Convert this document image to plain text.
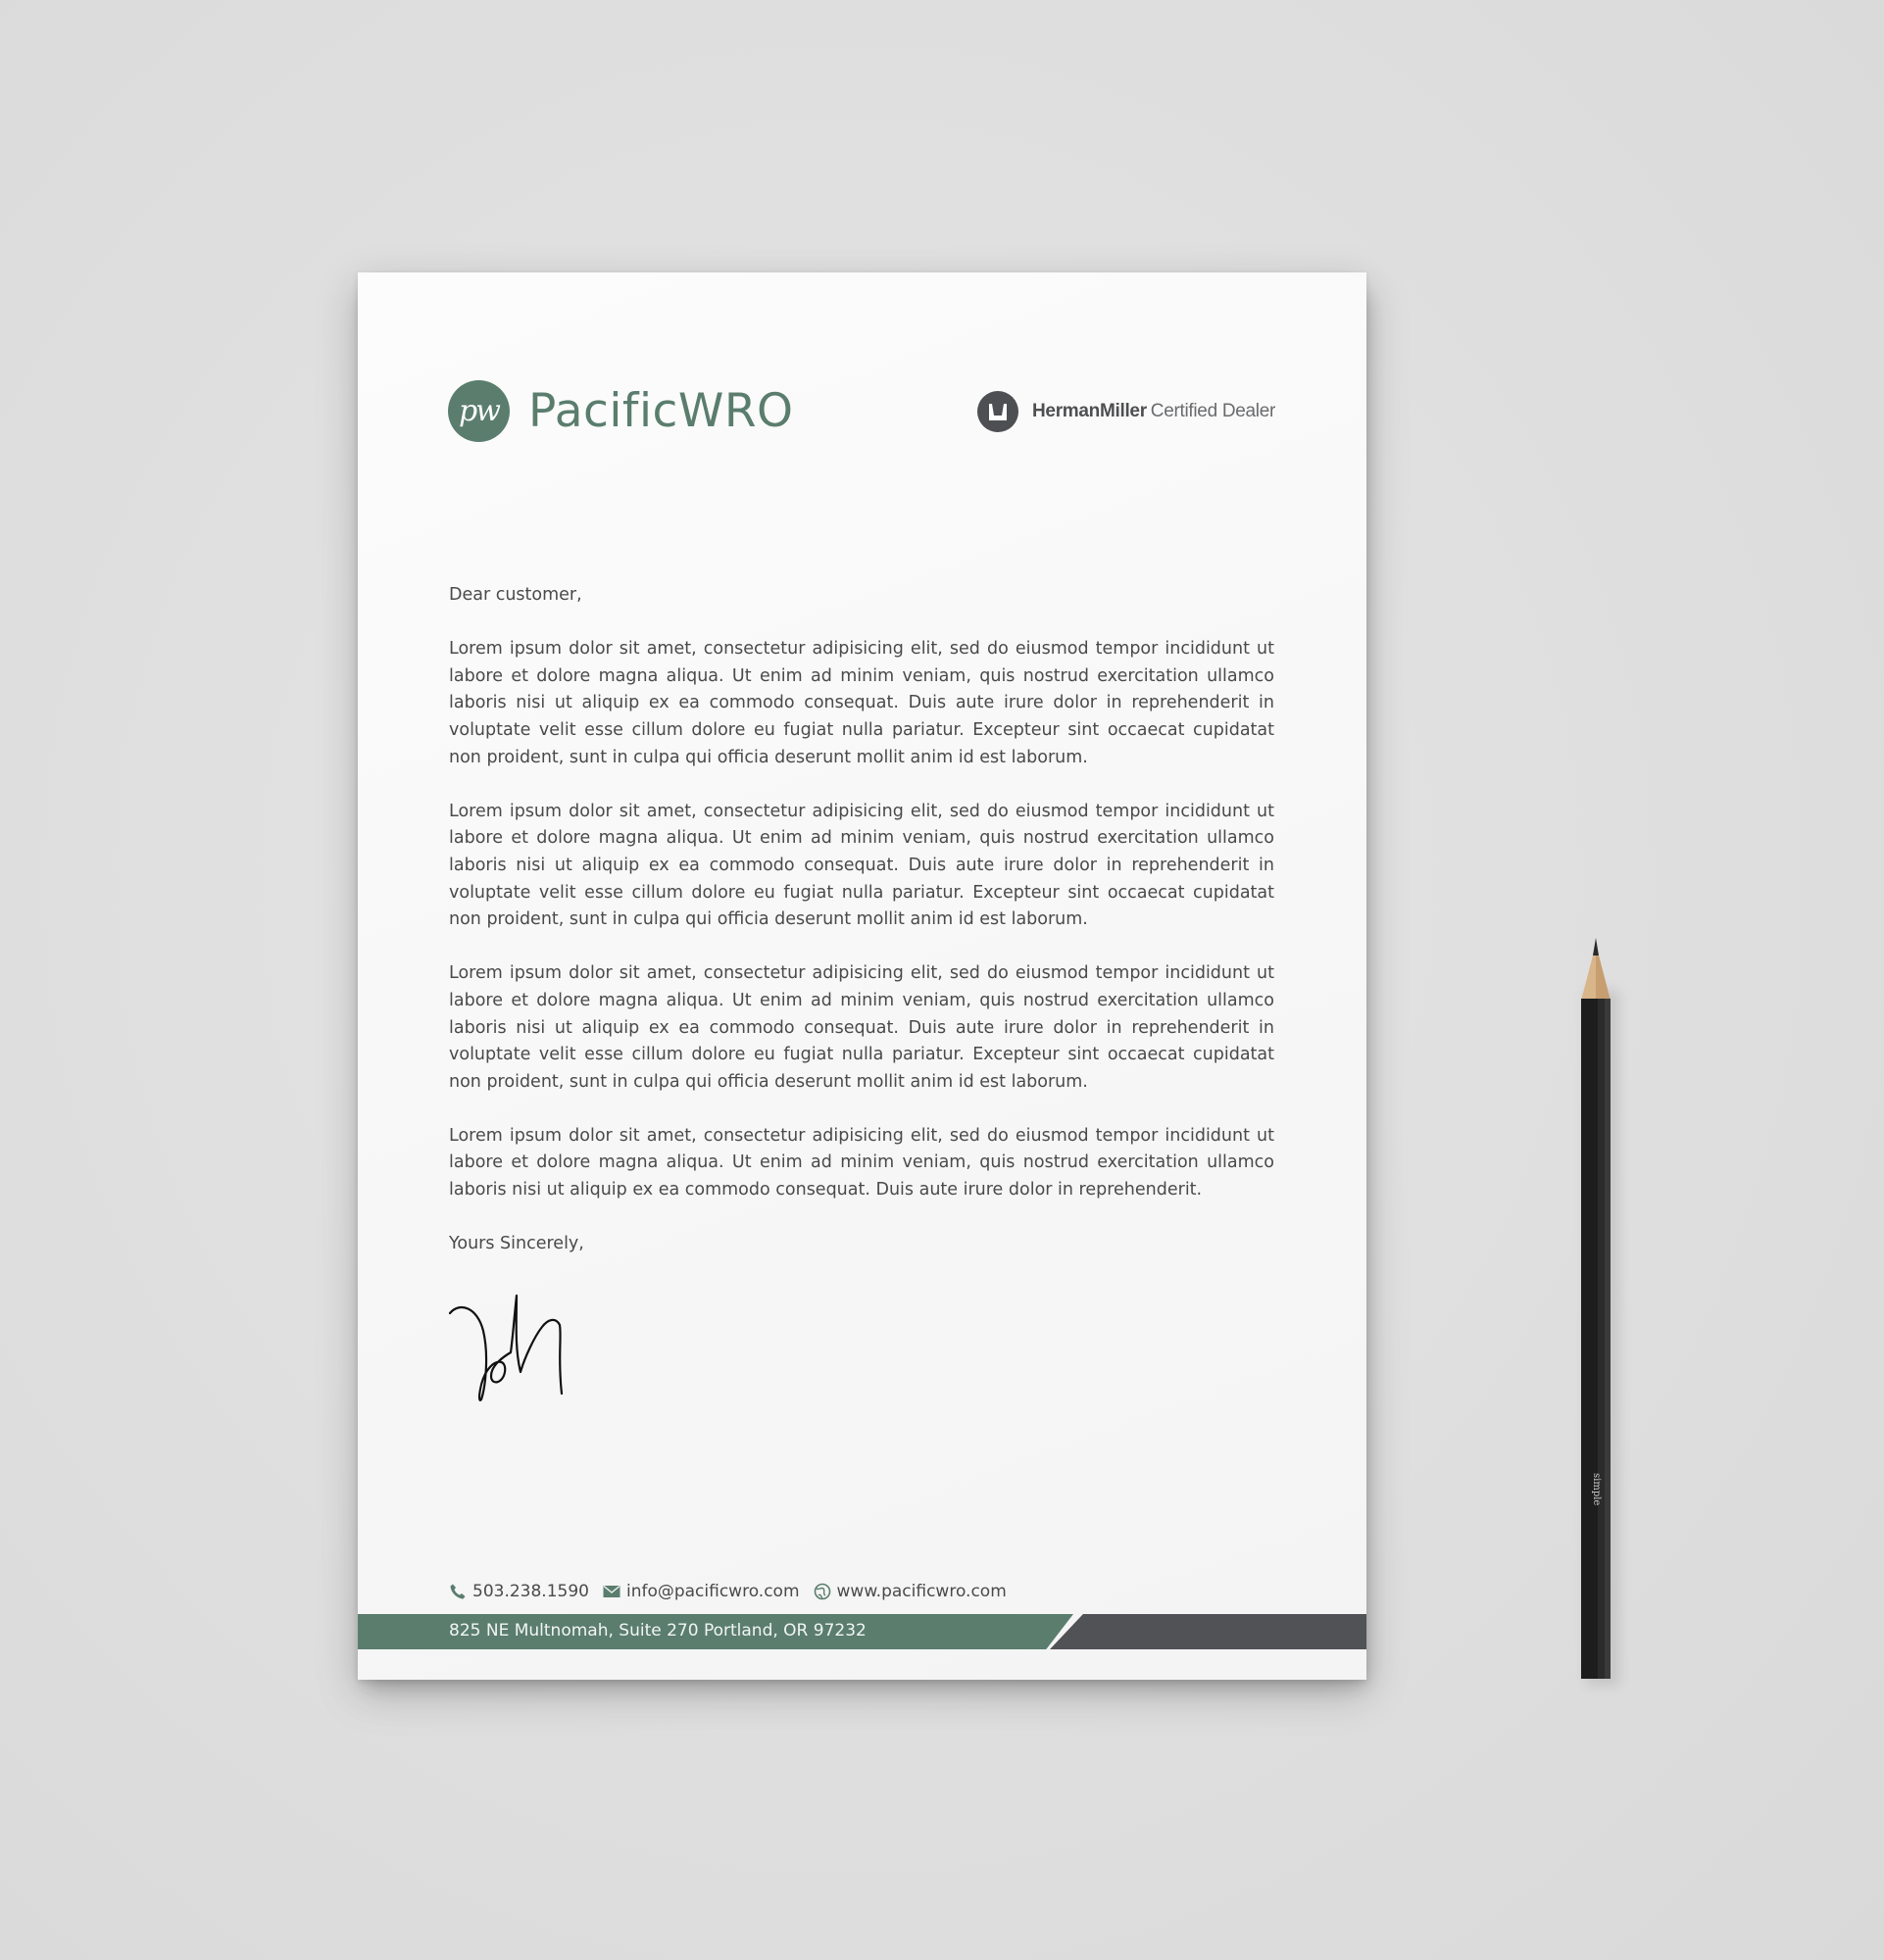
pw PacificWRO	HermanMiller Certified Dealer

Dear customer,

Lorem ipsum dolor sit amet, consectetur adipisicing elit, sed do eiusmod tempor incididunt ut labore et dolore magna aliqua. Ut enim ad minim veniam, quis nostrud exercitation ullamco laboris nisi ut aliquip ex ea commodo consequat. Duis aute irure dolor in reprehenderit in voluptate velit esse cillum dolore eu fugiat nulla pariatur. Excepteur sint occaecat cupidatat non proident, sunt in culpa qui officia deserunt mollit anim id est laborum.

Lorem ipsum dolor sit amet, consectetur adipisicing elit, sed do eiusmod tempor incididunt ut labore et dolore magna aliqua. Ut enim ad minim veniam, quis nostrud exercitation ullamco laboris nisi ut aliquip ex ea commodo consequat. Duis aute irure dolor in reprehenderit in voluptate velit esse cillum dolore eu fugiat nulla pariatur. Excepteur sint occaecat cupidatat non proident, sunt in culpa qui officia deserunt mollit anim id est laborum.

Lorem ipsum dolor sit amet, consectetur adipisicing elit, sed do eiusmod tempor incididunt ut labore et dolore magna aliqua. Ut enim ad minim veniam, quis nostrud exercitation ullamco laboris nisi ut aliquip ex ea commodo consequat. Duis aute irure dolor in reprehenderit in voluptate velit esse cillum dolore eu fugiat nulla pariatur. Excepteur sint occaecat cupidatat non proident, sunt in culpa qui officia deserunt mollit anim id est laborum.

Lorem ipsum dolor sit amet, consectetur adipisicing elit, sed do eiusmod tempor incididunt ut labore et dolore magna aliqua. Ut enim ad minim veniam, quis nostrud exercitation ullamco laboris nisi ut aliquip ex ea commodo consequat. Duis aute irure dolor in reprehenderit.

Yours Sincerely,

503.238.1590 info@pacificwro.com www.pacificwro.com
825 NE Multnomah, Suite 270 Portland, OR 97232
simple
